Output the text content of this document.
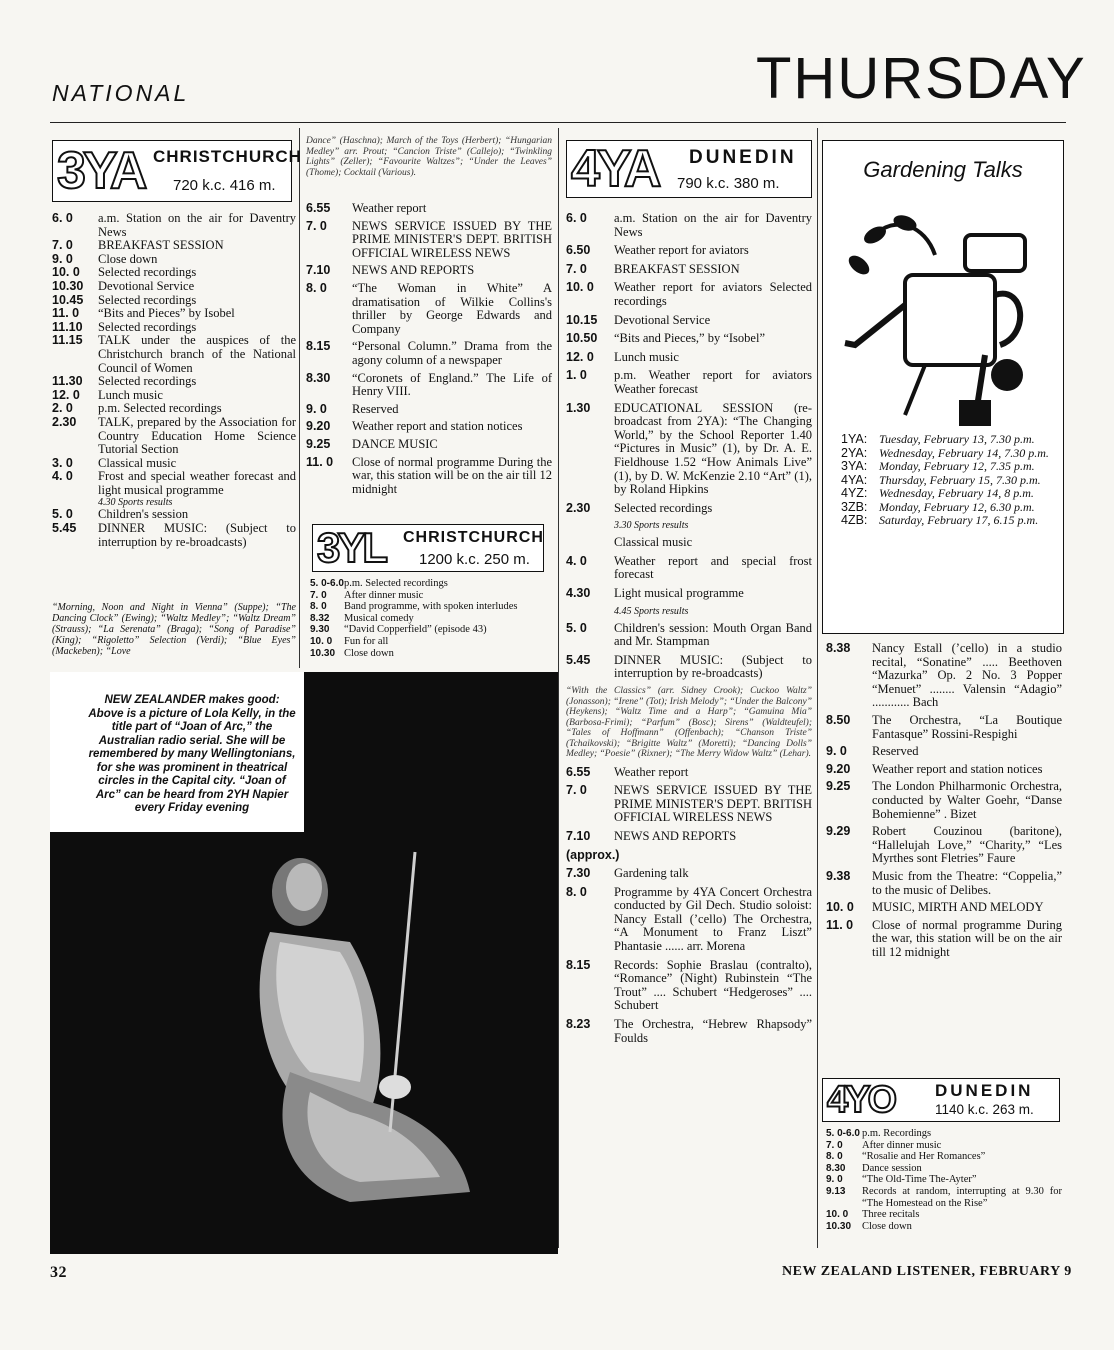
NATIONAL	THURSDAY
3YA CHRISTCHURCH
720 k.c. 416 m.
6. 0	a.m. Station on the air for Daventry News
7. 0	BREAKFAST SESSION
9. 0	Close down
10. 0	Selected recordings
10.30	Devotional Service
10.45	Selected recordings
11. 0	“Bits and Pieces” by Isobel
11.10	Selected recordings
11.15	TALK under the auspices of the Christchurch branch of the National Council of Women
11.30	Selected recordings
12. 0	Lunch music
2. 0	p.m. Selected recordings
2.30	TALK, prepared by the Association for Country Education Home Science Tutorial Section
3. 0	Classical music
4. 0	Frost and special weather forecast and light musical programme
4.30 Sports results
5. 0	Children's session
5.45	DINNER MUSIC: (Subject to interruption by re-broadcasts)
“Morning, Noon and Night in Vienna” (Suppe); “The Dancing Clock” (Ewing); “Waltz Medley”; “Waltz Dream” (Strauss); “La Serenata” (Braga); “Song of Paradise” (King); “Rigoletto” Selection (Verdi); “Blue Eyes” (Mackeben); “Love
NEW ZEALANDER makes good: Above is a picture of Lola Kelly, in the title part of “Joan of Arc,” the Australian radio serial. She will be remembered by many Wellingtonians, for she was prominent in theatrical circles in the Capital city. “Joan of Arc” can be heard from 2YH Napier every Friday evening
Dance” (Haschna); March of the Toys (Herbert); “Hungarian Medley” arr. Prout; “Cancion Triste” (Callejo); “Twinkling Lights” (Zeller); “Favourite Waltzes”; “Under the Leaves” (Thome); Cocktail (Various).
6.55	Weather report
7. 0	NEWS SERVICE ISSUED BY THE PRIME MINISTER'S DEPT. BRITISH OFFICIAL WIRELESS NEWS
7.10	NEWS AND REPORTS
8. 0	“The Woman in White” A dramatisation of Wilkie Collins's thriller by George Edwards and Company
8.15	“Personal Column.” Drama from the agony column of a newspaper
8.30	“Coronets of England.” The Life of Henry VIII.
9. 0	Reserved
9.20	Weather report and station notices
9.25	DANCE MUSIC
11. 0	Close of normal programme During the war, this station will be on the air till 12 midnight
3YL CHRISTCHURCH
1200 k.c. 250 m.
5. 0-6.0 p.m. Selected recordings
7. 0	After dinner music
8. 0	Band programme, with spoken interludes
8.32	Musical comedy
9.30	“David Copperfield” (episode 43)
10. 0	Fun for all
10.30 Close down
4YA DUNEDIN
790 k.c. 380 m.
6. 0	a.m. Station on the air for Daventry News
6.50	Weather report for aviators
7. 0	BREAKFAST SESSION
10. 0	Weather report for aviators Selected recordings
10.15	Devotional Service
10.50	“Bits and Pieces,” by “Isobel”
12. 0	Lunch music
1. 0	p.m. Weather report for aviators Weather forecast
1.30	EDUCATIONAL SESSION (re-broadcast from 2YA): “The Changing World,” by the School Reporter 1.40 “Pictures in Music” (1), by Dr. A. E. Fieldhouse 1.52 “How Animals Live” (1), by D. W. McKenzie 2.10 “Art” (1), by Roland Hipkins
2.30	Selected recordings
3.30 Sports results
Classical music
4. 0	Weather report and special frost forecast
4.30	Light musical programme
4.45 Sports results
5. 0	Children's session: Mouth Organ Band and Mr. Stampman
5.45	DINNER MUSIC: (Subject to interruption by re-broadcasts)
“With the Classics” (arr. Sidney Crook); Cuckoo Waltz” (Jonasson); “Irene” (Tot); Irish Melody”; “Under the Balcony” (Heykens); “Waltz Time and a Harp”; “Gamuina Mia” (Barbosa-Frimi); “Parfum” (Bosc); Sirens” (Waldteufel); “Tales of Hoffmann” (Offenbach); “Chanson Triste” (Tchaikovski); “Brigitte Waltz” (Moretti); “Dancing Dolls” Medley; “Poesie” (Rixner); “The Merry Widow Waltz” (Lehar).
6.55	Weather report
7. 0	NEWS SERVICE ISSUED BY THE PRIME MINISTER'S DEPT. BRITISH OFFICIAL WIRELESS NEWS
7.10	NEWS AND REPORTS
(approx.)
7.30	Gardening talk
8. 0	Programme by 4YA Concert Orchestra conducted by Gil Dech. Studio soloist: Nancy Estall (’cello) The Orchestra, “A Monument to Franz Liszt” Phantasie ...... arr. Morena
8.15	Records: Sophie Braslau (contralto), “Romance” (Night) Rubinstein “The Trout” .... Schubert “Hedgeroses” .... Schubert
8.23	The Orchestra, “Hebrew Rhapsody” Foulds
Gardening Talks
1YA: Tuesday, February 13, 7.30 p.m.
2YA: Wednesday, February 14, 7.30 p.m.
3YA: Monday, February 12, 7.35 p.m.
4YA: Thursday, February 15, 7.30 p.m.
4YZ: Wednesday, February 14, 8 p.m.
3ZB: Monday, February 12, 6.30 p.m.
4ZB: Saturday, February 17, 6.15 p.m.
8.38	Nancy Estall (’cello) in a studio recital, “Sonatine” ..... Beethoven “Mazurka” Op. 2 No. 3 Popper “Menuet” ........ Valensin “Adagio” ............ Bach
8.50	The Orchestra, “La Boutique Fantasque” Rossini-Respighi
9. 0	Reserved
9.20	Weather report and station notices
9.25	The London Philharmonic Orchestra, conducted by Walter Goehr, “Danse Bohemienne” . Bizet
9.29	Robert Couzinou (baritone), “Hallelujah Love,” “Charity,” “Les Myrthes sont Fletries” Faure
9.38	Music from the Theatre: “Coppelia,” to the music of Delibes.
10. 0	MUSIC, MIRTH AND MELODY
11. 0	Close of normal programme During the war, this station will be on the air till 12 midnight
4YO DUNEDIN
1140 k.c. 263 m.
5. 0-6.0 p.m. Recordings
7. 0	After dinner music
8. 0	“Rosalie and Her Romances”
8.30	Dance session
9. 0	“The Old-Time The-Ayter”
9.13	Records at random, interrupting at 9.30 for “The Homestead on the Rise”
10. 0	Three recitals
10.30	Close down
32	NEW ZEALAND LISTENER, FEBRUARY 9
